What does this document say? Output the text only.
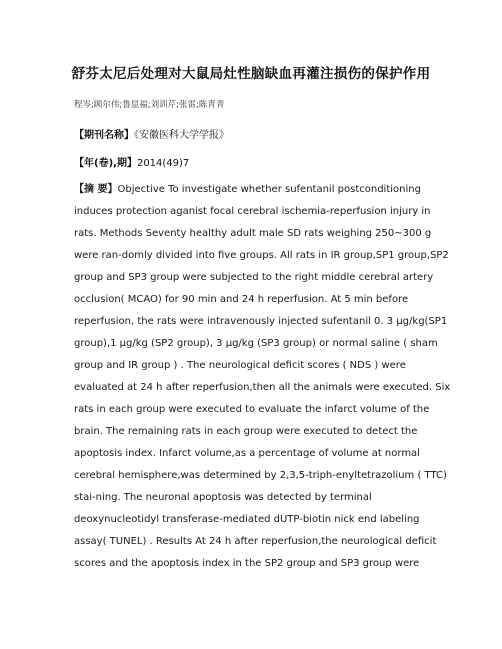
舒芬太尼后处理对大鼠局灶性脑缺血再灌注损伤的保护作用
程岑;顾尔伟;鲁显福;刘训芹;张雷;陈青青
【期刊名称】《安徽医科大学学报》
【年(卷),期】2014(49)7
【摘 要】Objective To investigate whether sufentanil postconditioning
induces protection aganist focal cerebral ischemia-reperfusion injury in
rats. Methods Seventy healthy adult male SD rats weighing 250~300 g
were ran-domly divided into five groups. All rats in IR group,SP1 group,SP2
group and SP3 group were subjected to the right middle cerebral artery
occlusion( MCAO) for 90 min and 24 h reperfusion. At 5 min before
reperfusion, the rats were intravenously injected sufentanil 0. 3 μg/kg(SP1
group),1 μg/kg (SP2 group), 3 μg/kg (SP3 group) or normal saline ( sham
group and IR group ) . The neurological deficit scores ( NDS ) were
evaluated at 24 h after reperfusion,then all the animals were executed. Six
rats in each group were executed to evaluate the infarct volume of the
brain. The remaining rats in each group were executed to detect the
apoptosis index. Infarct volume,as a percentage of volume at normal
cerebral hemisphere,was determined by 2,3,5-triph-enyltetrazolium ( TTC)
stai-ning. The neuronal apoptosis was detected by terminal
deoxynucleotidyl transferase-mediated dUTP-biotin nick end labeling
assay( TUNEL) . Results At 24 h after reperfusion,the neurological deficit
scores and the apoptosis index in the SP2 group and SP3 group were
